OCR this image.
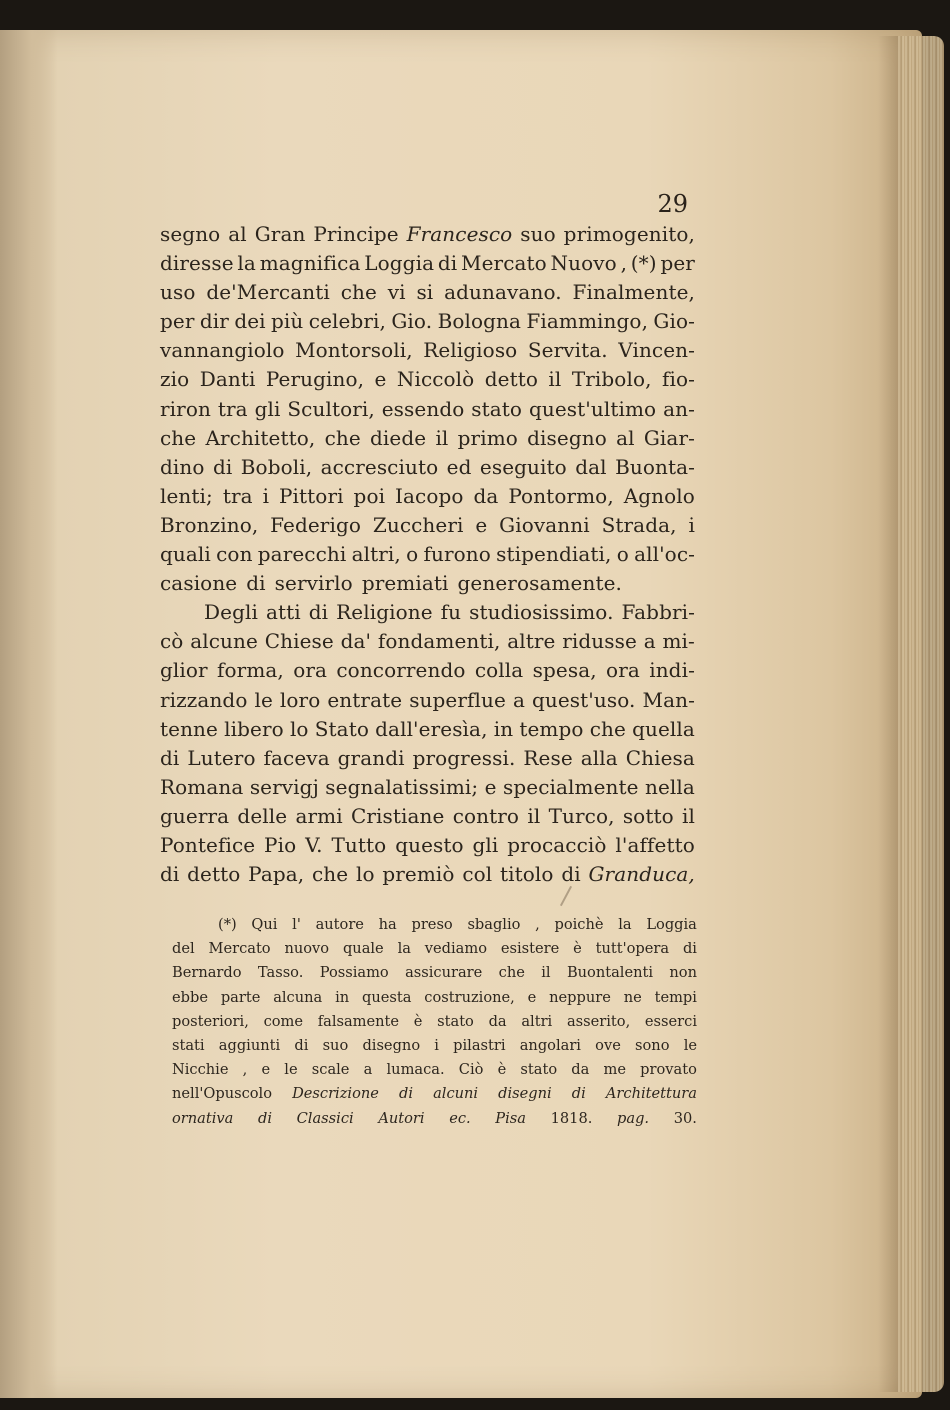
29
segno al Gran Principe Francesco suo primogenito,
diresse la magnifica Loggia di Mercato Nuovo , (*) per
uso de'Mercanti che vi si adunavano. Finalmente,
per dir dei più celebri, Gio. Bologna Fiammingo, Gio-
vannangiolo Montorsoli, Religioso Servita. Vincen-
zio Danti Perugino, e Niccolò detto il Tribolo, fio-
riron tra gli Scultori, essendo stato quest'ultimo an-
che Architetto, che diede il primo disegno al Giar-
dino di Boboli, accresciuto ed eseguito dal Buonta-
lenti; tra i Pittori poi Iacopo da Pontormo, Agnolo
Bronzino, Federigo Zuccheri e Giovanni Strada, i
quali con parecchi altri, o furono stipendiati, o all'oc-
casione di servirlo premiati generosamente.
Degli atti di Religione fu studiosissimo. Fabbri-
cò alcune Chiese da' fondamenti, altre ridusse a mi-
glior forma, ora concorrendo colla spesa, ora indi-
rizzando le loro entrate superflue a quest'uso. Man-
tenne libero lo Stato dall'eresìa, in tempo che quella
di Lutero faceva grandi progressi. Rese alla Chiesa
Romana servigj segnalatissimi; e specialmente nella
guerra delle armi Cristiane contro il Turco, sotto il
Pontefice Pio V. Tutto questo gli procacciò l'affetto
di detto Papa, che lo premiò col titolo di Granduca,
(*) Qui l' autore ha preso sbaglio , poichè la Loggia
del Mercato nuovo quale la vediamo esistere è tutt'opera di
Bernardo Tasso. Possiamo assicurare che il Buontalenti non
ebbe parte alcuna in questa costruzione, e neppure ne tempi
posteriori, come falsamente è stato da altri asserito, esserci
stati aggiunti di suo disegno i pilastri angolari ove sono le
Nicchie , e le scale a lumaca. Ciò è stato da me provato
nell'Opuscolo Descrizione di alcuni disegni di Architettura
ornativa di Classici Autori ec. Pisa 1818. pag. 30.
